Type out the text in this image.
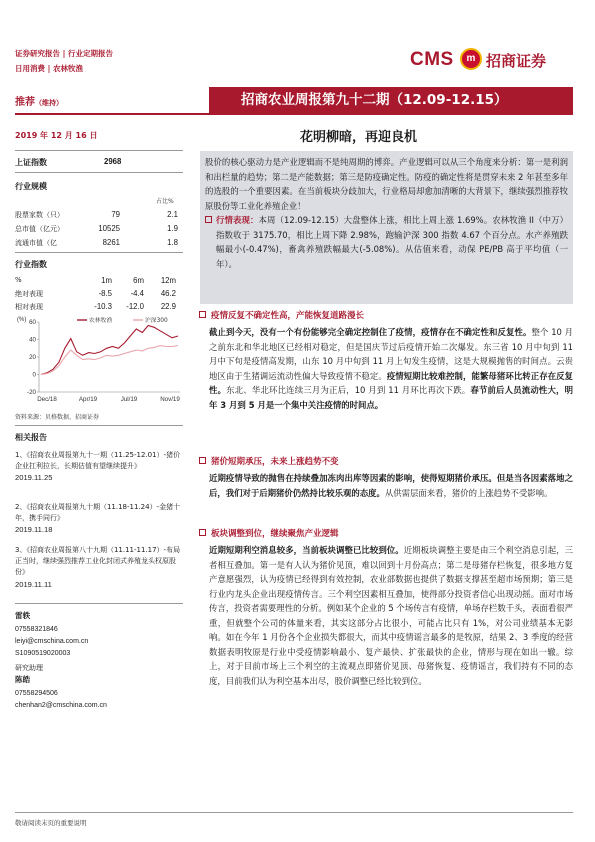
证券研究报告 | 行业定期报告
日用消费 | 农林牧渔	CMS	m 招商证券
推荐（维持）	招商农业周报第九十二期（12.09-12.15）
2019 年 12 月 16 日	花明柳暗，再迎良机
上证指数	2968
行业规模
占比%
股票家数（只）	79	2.1
总市值（亿元）	10525	1.9
流通市值（亿	8261	1.8
行业指数
%	1m	6m	12m
绝对表现	-8.5	-4.4	46.2
相对表现	-10.3	-12.0	22.9
(%)
-20
0
20
40
60
Dec/18	Apr/19	Jul/19	Nov/19
农林牧渔	沪深300
资料来源：贝格数据、招商证券
相关报告
1、《招商农业周报第九十一期（11.25-12.01）-猪价企业扛利拉长，长期估值有望继续提升》
2019.11.25
2、《招商农业周报第九十期（11.18-11.24）-金猪十年，携手同行》
2019.11.18
3、《招商农业周报第八十九期（11.11-11.17）-布局正当时，继续强烈推荐工业化封闭式养殖龙头权原股份》
2019.11.11
雷轶
07558321846
leiyi@cmschina.com.cn
S1090519020003
研究助理
陈皓
07558294506
chenhan2@cmschina.com.cn

股价的核心驱动力是产业逻辑而不是纯周期的博弈。产业逻辑可以从三个角度来分析：第一是利润和出栏量的趋势；第二是产能数据；第三是防疫确定性。防疫的确定性将是贯穿未来 2 年甚至多年的选股的一个重要因素。在当前板块分歧加大，行业格局却愈加清晰的大背景下，继续强烈推荐牧原股份等工业化养殖企业！

行情表现：本周（12.09-12.15）大盘整体上涨，相比上周上涨 1.69%。农林牧渔 II（中万）指数收于 3175.70，相比上周下降 2.98%，跑输沪深 300 指数 4.67 个百分点。水产养殖跌幅最小(-0.47%)，畜禽养殖跌幅最大(-5.08%)。从估值来看，动保 PE/PB 高于平均值（一年）。

疫情反复不确定性高，产能恢复道路漫长

截止到今天，没有一个有份能够完全确定控制住了疫情，疫情存在不确定性和反复性。整个 10 月之前东北和华北地区已经相对稳定，但是国庆节过后疫情开始二次爆发。东三省 10 月中旬到 11 月中下旬是疫情高发期，山东 10 月中旬到 11 月上旬发生疫情，这是大规模抛售的时间点。云贵地区由于生猪调运流动性偏大导致疫情不稳定。疫情短期比较难控制，能繁母猪环比转正存在反复性。东北、华北环比连续三月为正后，10 月到 11 月环比再次下跌。春节前后人员流动性大，明年 3 月到 5 月是一个集中关注疫情的时间点。

猪价短期承压，未来上涨趋势不变

近期疫情导致的抛售在持续叠加冻肉出库等因素的影响，使得短期猪价承压。但是当各因素落地之后，我们对于后期猪价仍然持比较乐观的态度。从供需层面来看，猪价的上涨趋势不受影响。

板块调整到位，继续聚焦产业逻辑

近期短期利空消息较多，当前板块调整已比较到位。近期板块调整主要是由三个利空消息引起，三者相互叠加。第一是有人认为猪价见顶，难以回到十月份高点；第二是母猪存栏恢复，很多地方复产意愿强烈，认为疫情已经得到有效控制，农业部数据也提供了数据支撑甚至超市场预期；第三是行业内龙头企业出现疫情传言。三个利空因素相互叠加，使得部分投资者信心出现动摇。面对市场传言，投资者需要理性的分析。例如某个企业的 5 个场传言有疫情，单场存栏数千头，表面看很严重，但就整个公司的体量来看，其实这部分占比很小，可能占比只有 1%，对公司业绩基本无影响。如在今年 1 月份各个企业损失都很大，而其中疫情谣言最多的是牧原，结果 2、3 季度的经营数据表明牧原是行业中受疫情影响最小、复产最快、扩张最快的企业，情形与现在如出一辙。综上，对于目前市场上三个利空的主流观点即猪价见顶、母猪恢复、疫情谣言，我们持有不同的态度，目前我们认为利空基本出尽，股价调整已经比较到位。

敬请阅读末页的重要说明
